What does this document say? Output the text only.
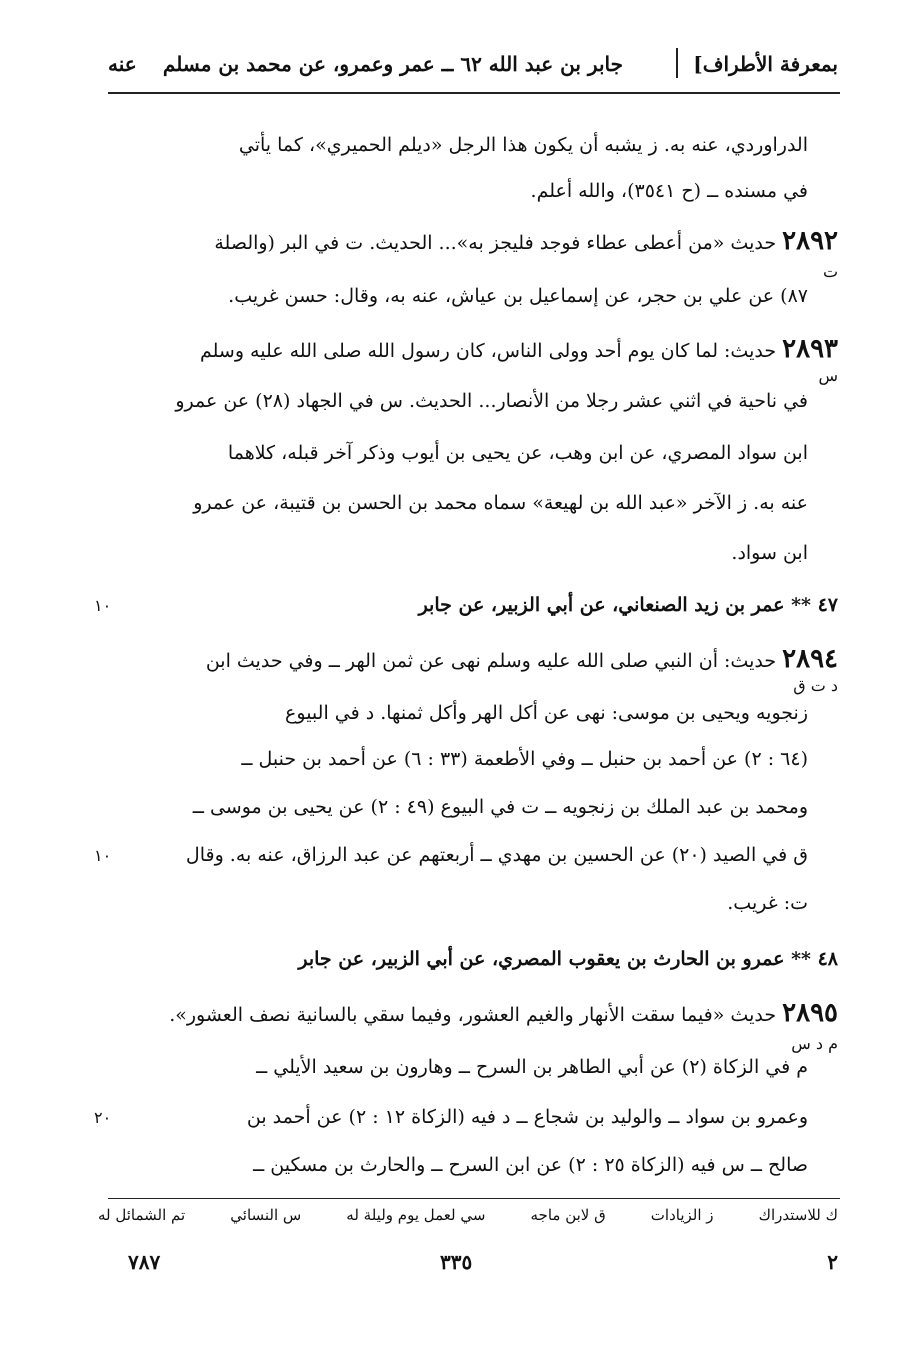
بمعرفة الأطراف]
جابر بن عبد الله ٦٢ ــ عمر وعمرو، عن محمد بن مسلم
عنه
الدراوردي، عنه به. ز يشبه أن يكون هذا الرجل «ديلم الحميري»، كما يأتي
في مسنده ــ (ح ٣٥٤١)، والله أعلم.
٢٨٩٢ حديث «من أعطى عطاء فوجد فليجز به»... الحديث. ت في البر (والصلة
ت
٨٧) عن علي بن حجر، عن إسماعيل بن عياش، عنه به، وقال: حسن غريب.
٢٨٩٣ حديث: لما كان يوم أحد وولى الناس، كان رسول الله صلى الله عليه وسلم
س
في ناحية في اثني عشر رجلا من الأنصار... الحديث. س في الجهاد (٢٨) عن عمرو
ابن سواد المصري، عن ابن وهب، عن يحيى بن أيوب وذكر آخر قبله، كلاهما
عنه به. ز الآخر «عبد الله بن لهيعة» سماه محمد بن الحسن بن قتيبة، عن عمرو
ابن سواد.
٤٧ ** عمر بن زيد الصنعاني، عن أبي الزبير، عن جابر
١٠
٢٨٩٤ حديث: أن النبي صلى الله عليه وسلم نهى عن ثمن الهر ــ وفي حديث ابن
د ت ق
زنجويه ويحيى بن موسى: نهى عن أكل الهر وأكل ثمنها. د في البيوع
(٦٤ : ٢) عن أحمد بن حنبل ــ وفي الأطعمة (٣٣ : ٦) عن أحمد بن حنبل ــ
ومحمد بن عبد الملك بن زنجويه ــ ت في البيوع (٤٩ : ٢) عن يحيى بن موسى ــ
ق في الصيد (٢٠) عن الحسين بن مهدي ــ أربعتهم عن عبد الرزاق، عنه به. وقال
١٠
ت: غريب.
٤٨ ** عمرو بن الحارث بن يعقوب المصري، عن أبي الزبير، عن جابر
٢٨٩٥ حديث «فيما سقت الأنهار والغيم العشور، وفيما سقي بالسانية نصف العشور».
م د س
م في الزكاة (٢) عن أبي الطاهر بن السرح ــ وهارون بن سعيد الأيلي ــ
وعمرو بن سواد ــ والوليد بن شجاع ــ د فيه (الزكاة ١٢ : ٢) عن أحمد بن
٢٠
صالح ــ س فيه (الزكاة ٢٥ : ٢) عن ابن السرح ــ والحارث بن مسكين ــ
تم الشمائل له	س النسائي	سي لعمل يوم وليلة له	ق لابن ماجه	ز الزيادات	ك للاستدراك
٢
٣٣٥
٧٨٧
